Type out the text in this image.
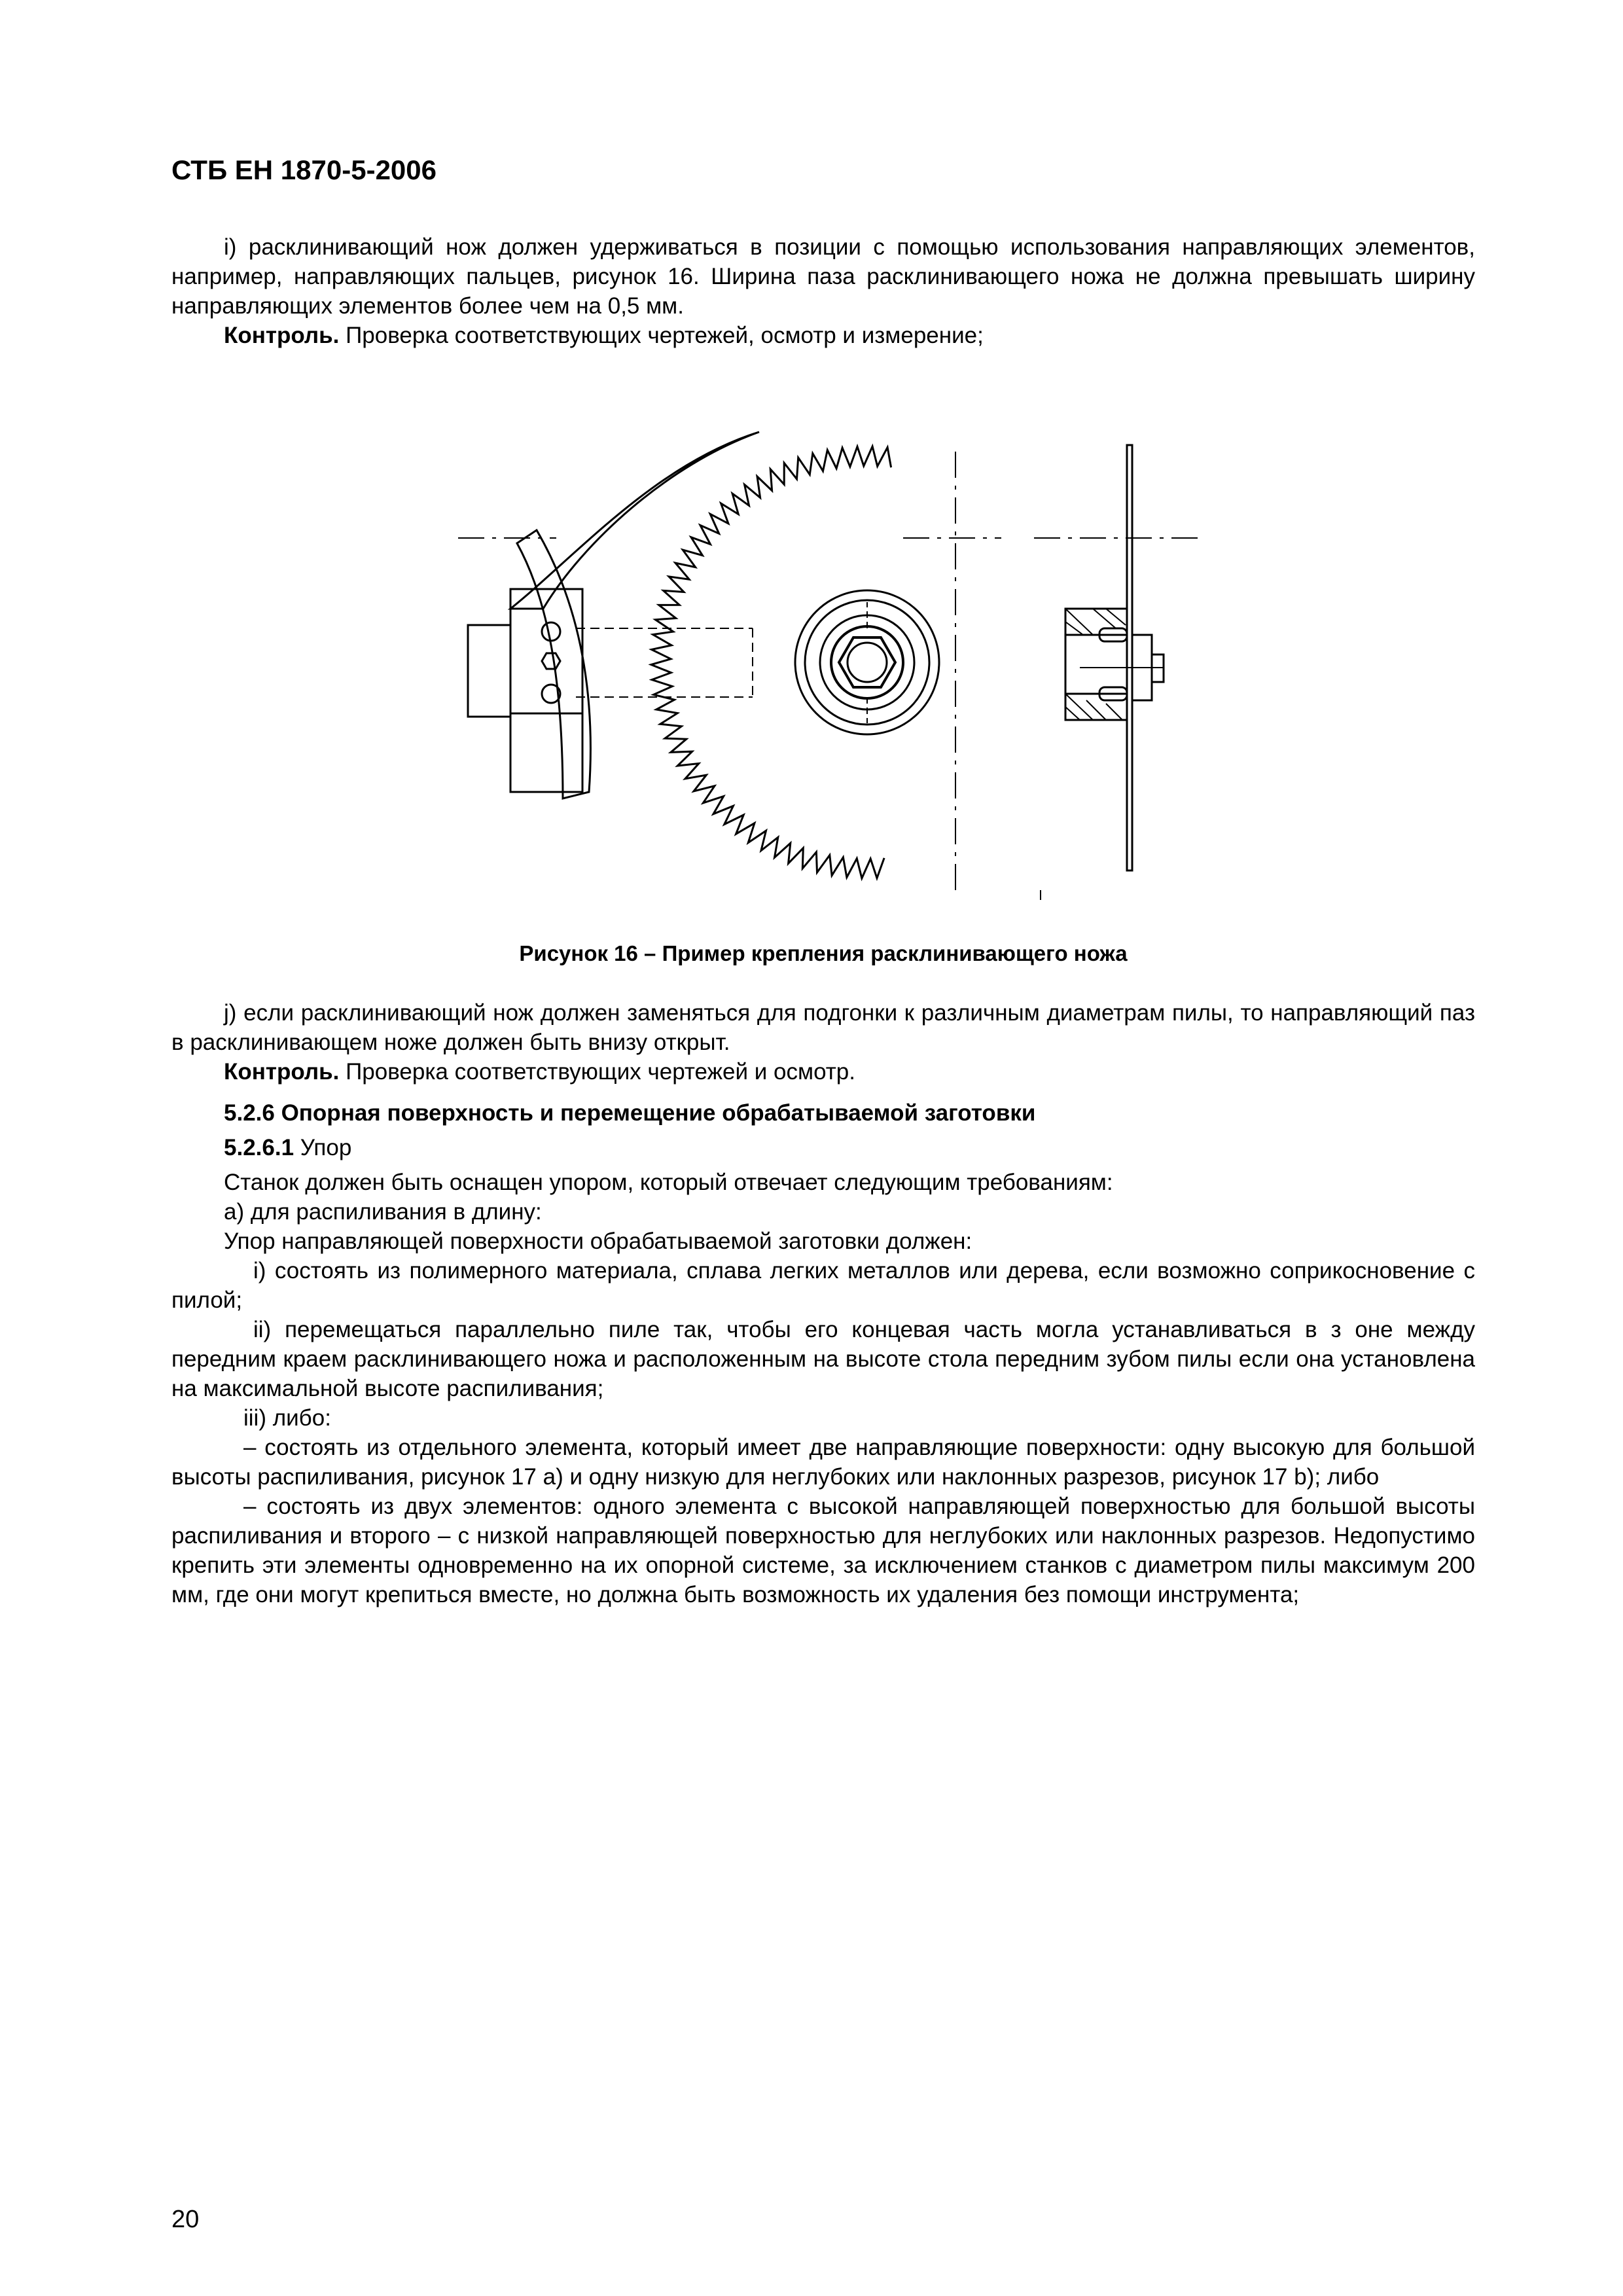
СТБ ЕН 1870-5-2006

i) расклинивающий нож должен удерживаться в позиции с помощью использования направляющих элементов, например, направляющих пальцев, рисунок 16. Ширина паза расклинивающего ножа не должна превышать ширину направляющих элементов более чем на 0,5 мм.

Контроль. Проверка соответствующих чертежей, осмотр и измерение;

Рисунок 16 – Пример крепления расклинивающего ножа

j) если расклинивающий нож должен заменяться для подгонки к различным диаметрам пилы, то направляющий паз в расклинивающем ноже должен быть внизу открыт.

Контроль. Проверка соответствующих чертежей и осмотр.

5.2.6 Опорная поверхность и перемещение обрабатываемой заготовки

5.2.6.1 Упор

Станок должен быть оснащен упором, который отвечает следующим требованиям:

a) для распиливания в длину:

Упор направляющей поверхности обрабатываемой заготовки должен:

i) состоять из полимерного материала, сплава легких металлов или дерева, если возможно соприкосновение с пилой;

ii) перемещаться параллельно пиле так, чтобы его концевая часть могла устанавливаться в з оне между передним краем расклинивающего ножа и расположенным на высоте стола передним зубом пилы если она установлена на максимальной высоте распиливания;

iii) либо:

– состоять из отдельного элемента, который имеет две направляющие поверхности: одну высокую для большой высоты распиливания, рисунок 17 a) и одну низкую для неглубоких или наклонных разрезов, рисунок 17 b); либо

– состоять из двух элементов: одного элемента с высокой направляющей поверхностью для большой высоты распиливания и второго – с низкой направляющей поверхностью для неглубоких или наклонных разрезов. Недопустимо крепить эти элементы одновременно на их опорной системе, за исключением станков с диаметром пилы максимум 200 мм, где они могут крепиться вместе, но должна быть возможность их удаления без помощи инструмента;

20
